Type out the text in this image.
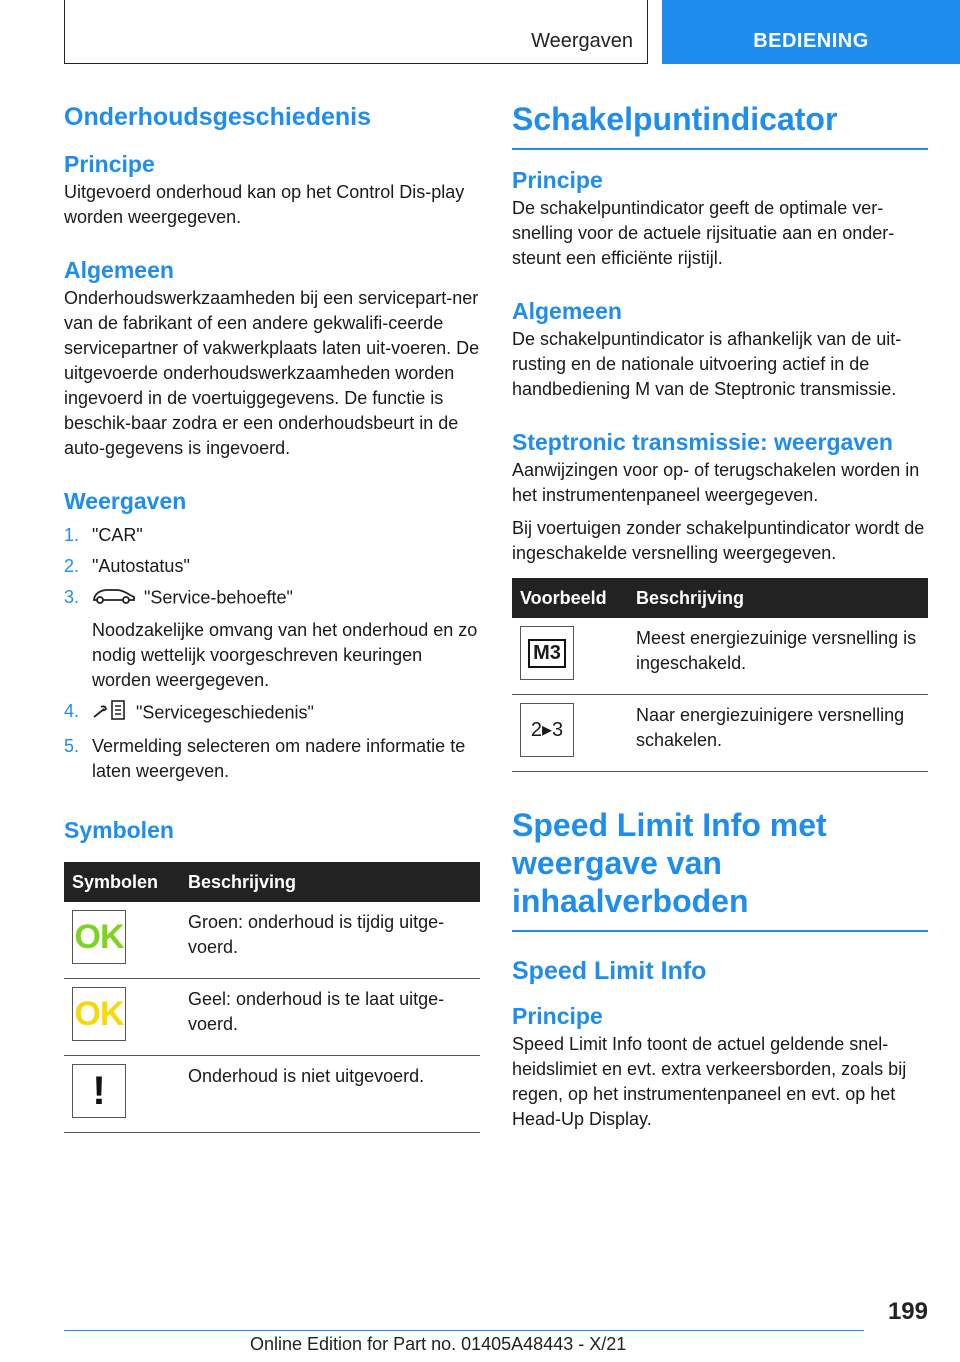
Weergaven	BEDIENING
Onderhoudsgeschiedenis
Principe

Uitgevoerd onderhoud kan op het Control Dis-play worden weergegeven.

Algemeen

Onderhoudswerkzaamheden bij een servicepart-ner van de fabrikant of een andere gekwalifi-ceerde servicepartner of vakwerkplaats laten uit-voeren. De uitgevoerde onderhoudswerkzaamheden worden ingevoerd in de voertuiggegevens. De functie is beschik-baar zodra er een onderhoudsbeurt in de auto-gegevens is ingevoerd.

Weergaven
1. "CAR"
2. "Autostatus"
3.	"Service-behoefte"
Noodzakelijke omvang van het onderhoud en zo nodig wettelijk voorgeschreven keuringen worden weergegeven.
4.	"Servicegeschiedenis"
5. Vermelding selecteren om nadere informatie te laten weergeven.
Symbolen
Symbolen	Beschrijving

OK	Groen: onderhoud is tijdig uitge-voerd.

OK	Geel: onderhoud is te laat uitge-voerd.

!	Onderhoud is niet uitgevoerd.
Schakelpuntindicator
Principe

De schakelpuntindicator geeft de optimale ver-snelling voor de actuele rijsituatie aan en onder-steunt een efficiënte rijstijl.

Algemeen

De schakelpuntindicator is afhankelijk van de uit-rusting en de nationale uitvoering actief in de handbediening M van de Steptronic transmissie.

Steptronic transmissie: weergaven

Aanwijzingen voor op- of terugschakelen worden in het instrumentenpaneel weergegeven.

Bij voertuigen zonder schakelpuntindicator wordt de ingeschakelde versnelling weergegeven.

Voorbeeld	Beschrijving

M3	Meest energiezuinige versnelling is ingeschakeld.

2▸3	Naar energiezuinigere versnelling schakelen.
Speed Limit Info met weergave van inhaalverboden
Speed Limit Info
Principe

Speed Limit Info toont de actuel geldende snel-heidslimiet en evt. extra verkeersborden, zoals bij regen, op het instrumentenpaneel en evt. op het Head-Up Display.

199
Online Edition for Part no. 01405A48443 - X/21
